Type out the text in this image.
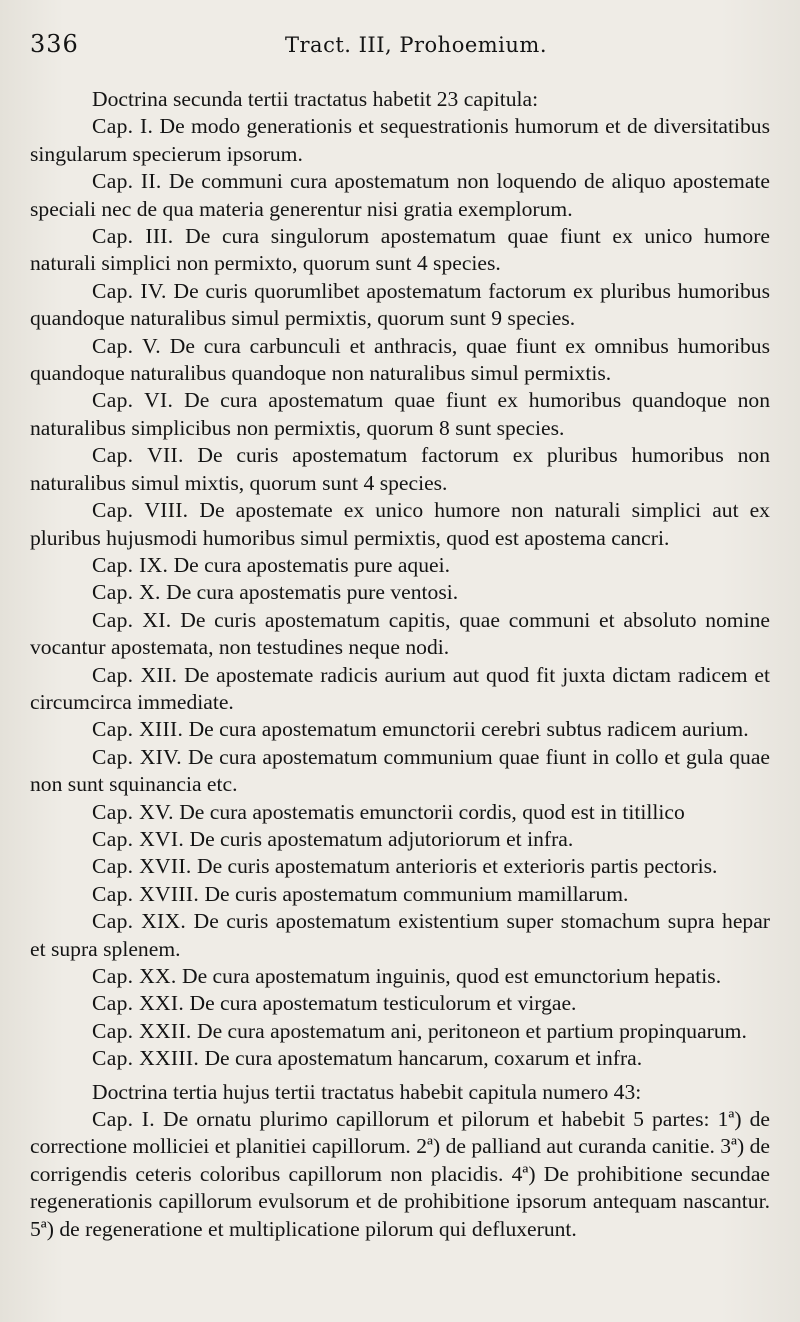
336	Tract. III, Prohoemium.

Doctrina secunda tertii tractatus habetit 23 capitula:

Cap. I. De modo generationis et sequestrationis humorum et de diversitatibus singularum specierum ipsorum.

Cap. II. De communi cura apostematum non loquendo de aliquo apostemate speciali nec de qua materia generentur nisi gratia exemplorum.

Cap. III. De cura singulorum apostematum quae fiunt ex unico humore naturali simplici non permixto, quorum sunt 4 species.

Cap. IV. De curis quorumlibet apostematum factorum ex pluribus humoribus quandoque naturalibus simul permixtis, quorum sunt 9 species.

Cap. V. De cura carbunculi et anthracis, quae fiunt ex omnibus humoribus quandoque naturalibus quandoque non naturalibus simul permixtis.

Cap. VI. De cura apostematum quae fiunt ex humoribus quandoque non naturalibus simplicibus non permixtis, quorum 8 sunt species.

Cap. VII. De curis apostematum factorum ex pluribus humoribus non naturalibus simul mixtis, quorum sunt 4 species.

Cap. VIII. De apostemate ex unico humore non naturali simplici aut ex pluribus hujusmodi humoribus simul permixtis, quod est apostema cancri.

Cap. IX. De cura apostematis pure aquei.

Cap. X. De cura apostematis pure ventosi.

Cap. XI. De curis apostematum capitis, quae communi et absoluto nomine vocantur apostemata, non testudines neque nodi.

Cap. XII. De apostemate radicis aurium aut quod fit juxta dictam radicem et circumcirca immediate.

Cap. XIII. De cura apostematum emunctorii cerebri subtus radicem aurium.

Cap. XIV. De cura apostematum communium quae fiunt in collo et gula quae non sunt squinancia etc.

Cap. XV. De cura apostematis emunctorii cordis, quod est in titillico

Cap. XVI. De curis apostematum adjutoriorum et infra.

Cap. XVII. De curis apostematum anterioris et exterioris partis pectoris.

Cap. XVIII. De curis apostematum communium mamillarum.

Cap. XIX. De curis apostematum existentium super stomachum supra hepar et supra splenem.

Cap. XX. De cura apostematum inguinis, quod est emunctorium hepatis.

Cap. XXI. De cura apostematum testiculorum et virgae.

Cap. XXII. De cura apostematum ani, peritoneon et partium propinquarum.

Cap. XXIII. De cura apostematum hancarum, coxarum et infra.

Doctrina tertia hujus tertii tractatus habebit capitula numero 43:

Cap. I. De ornatu plurimo capillorum et pilorum et habebit 5 partes: 1ª) de correctione molliciei et planitiei capillorum. 2ª) de palliand aut curanda canitie. 3ª) de corrigendis ceteris coloribus capillorum non placidis. 4ª) De prohibitione secundae regenerationis capillorum evulsorum et de prohibitione ipsorum antequam nascantur. 5ª) de regeneratione et multiplicatione pilorum qui defluxerunt.
